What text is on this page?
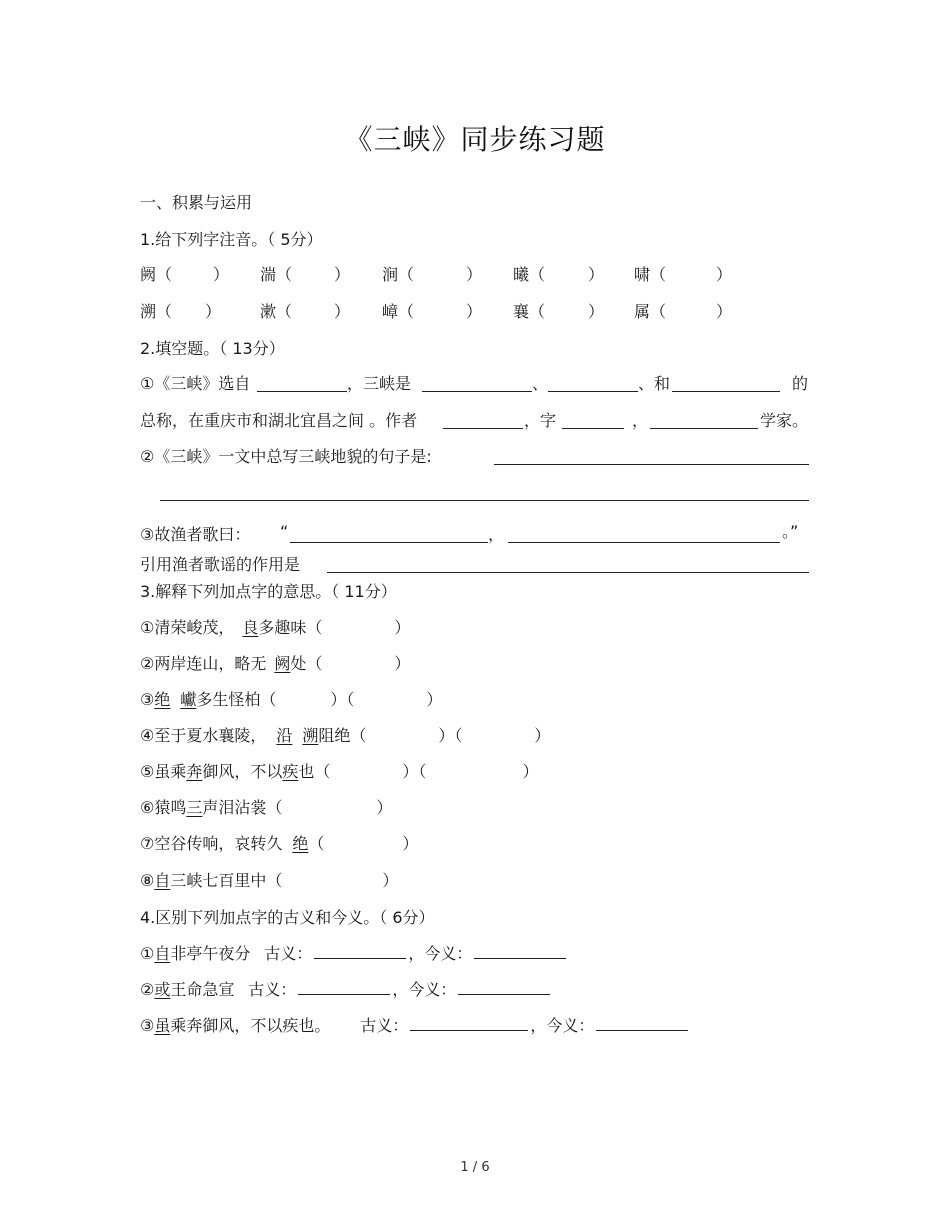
《三峡》同步练习题
一、积累与运用
1.给下列字注音。（ 5分）
阙（	） 湍（	） 涧（	） 曦（	） 啸（	）
溯（ ） 漱（	） 嶂（	） 襄（	） 属（	）
2.填空题。（ 13分）
①《三峡》选自	，三峡是	、	、和	的
总称，在重庆市和湖北宜昌之间 。作者	，字	，	学家。
②《三峡》一文中总写三峡地貌的句子是:
③故渔者歌曰： “	，	。”
引用渔者歌谣的作用是
3.解释下列加点字的意思。（ 11分）
①清荣峻茂， 良多趣味（	）
②两岸连山，略无 阙处（	）
③绝 巘多生怪柏（	）（	）
④至于夏水襄陵， 沿 溯阻绝（	）（	）
⑤虽乘奔御风，不以疾也（	）（	）
⑥猿鸣三声泪沾裳（	）
⑦空谷传响，哀转久 绝（	）
⑧自三峡七百里中（	）
4.区别下列加点字的古义和今义。（ 6分）
①自非亭午夜分 古义：	，今义：
②或王命急宣 古义：	，今义：
③虽乘奔御风，不以疾也。 古义：	，今义：
1 / 6
